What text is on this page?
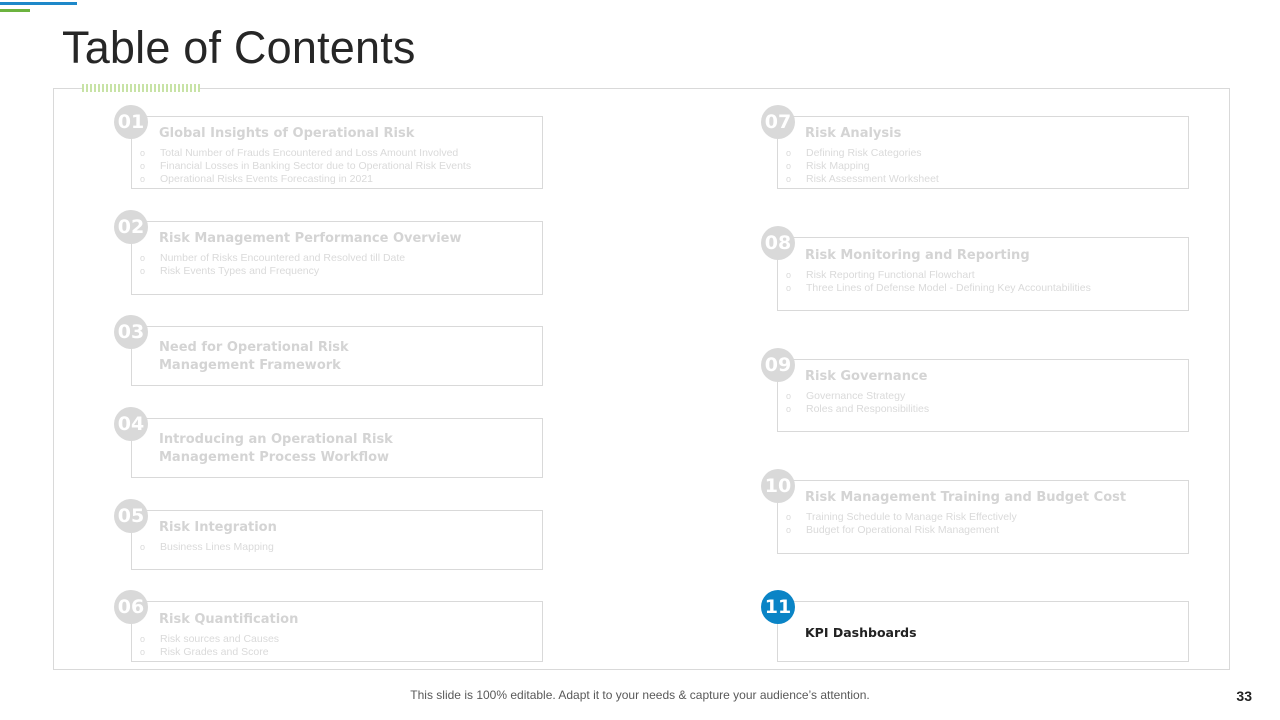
Table of Contents
Global Insights of Operational Risk
o Total Number of Frauds Encountered and Loss Amount Involved
o Financial Losses in Banking Sector due to Operational Risk Events
o Operational Risks Events Forecasting in 2021
01
Risk Management Performance Overview
o Number of Risks Encountered and Resolved till Date
o Risk Events Types and Frequency
02
Need for Operational Risk
Management Framework
03
Introducing an Operational Risk
Management Process Workflow
04
Risk Integration
o Business Lines Mapping
05
Risk Quantification
o Risk sources and Causes
o Risk Grades and Score
06
Risk Analysis
o Defining Risk Categories
o Risk Mapping
o Risk Assessment Worksheet
07
Risk Monitoring and Reporting
o Risk Reporting Functional Flowchart
o Three Lines of Defense Model - Defining Key Accountabilities
08
Risk Governance
o Governance Strategy
o Roles and Responsibilities
09
Risk Management Training and Budget Cost
o Training Schedule to Manage Risk Effectively
o Budget for Operational Risk Management
10
KPI Dashboards
11
This slide is 100% editable. Adapt it to your needs & capture your audience’s attention.	33
